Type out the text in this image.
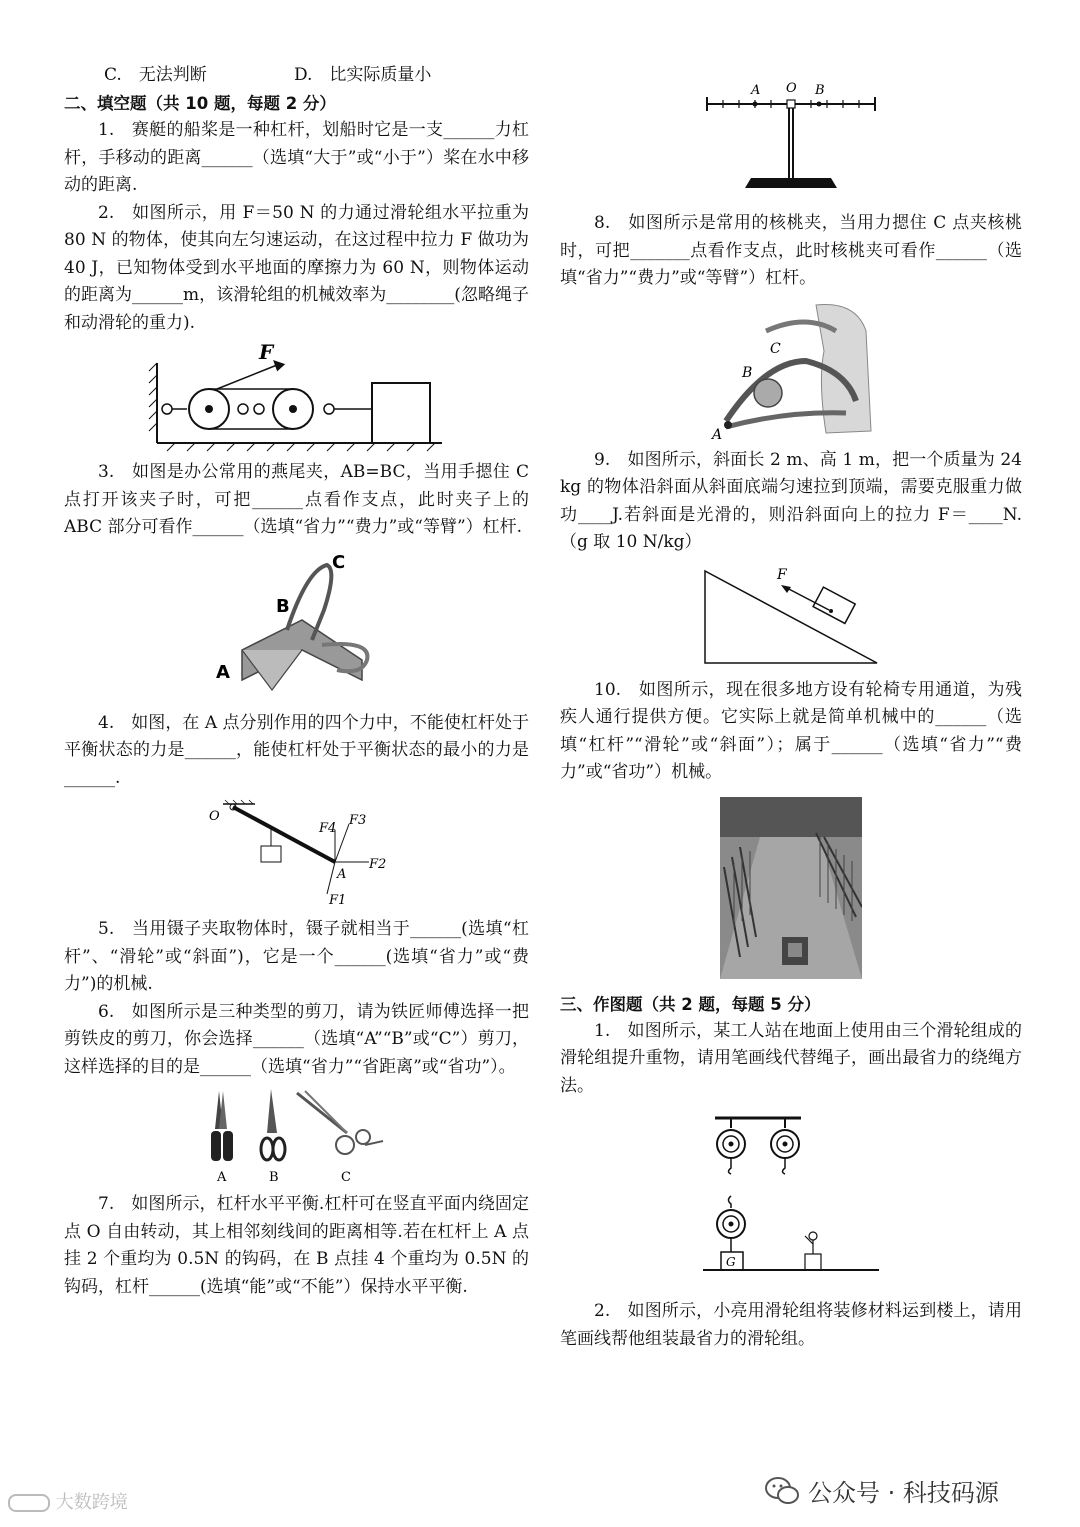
C.　无法判断	D.　比实际质量小

二、填空题（共 10 题，每题 2 分）

1.　赛艇的船桨是一种杠杆，划船时它是一支______力杠杆，手移动的距离______（选填“大于”或“小于”）桨在水中移动的距离.

2.　如图所示，用 F＝50 N 的力通过滑轮组水平拉重为 80 N 的物体，使其向左匀速运动，在这过程中拉力 F 做功为 40 J，已知物体受到水平地面的摩擦力为 60 N，则物体运动的距离为______m，该滑轮组的机械效率为________(忽略绳子和动滑轮的重力).

F

3.　如图是办公常用的燕尾夹，AB=BC，当用手摁住 C 点打开该夹子时，可把______点看作支点，此时夹子上的 ABC 部分可看作______（选填“省力”“费力”或“等臂”）杠杆.

C
B
A

4.　如图，在 A 点分别作用的四个力中，不能使杠杆处于平衡状态的力是______，能使杠杆处于平衡状态的最小的力是______.

O
F4
F3
F2
A
F1

5.　当用镊子夹取物体时，镊子就相当于______(选填“杠杆”、“滑轮”或“斜面”)，它是一个______(选填“省力”或“费力”)的机械.

6.　如图所示是三种类型的剪刀，请为铁匠师傅选择一把剪铁皮的剪刀，你会选择______（选填“A”“B”或“C”）剪刀，这样选择的目的是______（选填“省力”“省距离”或“省功”）。

A	B	C

7.　如图所示，杠杆水平平衡.杠杆可在竖直平面内绕固定点 O 自由转动，其上相邻刻线间的距离相等.若在杠杆上 A 点挂 2 个重均为 0.5N 的钩码，在 B 点挂 4 个重均为 0.5N 的钩码，杠杆______(选填“能”或“不能”）保持水平平衡.

A O B

8.　如图所示是常用的核桃夹，当用力摁住 C 点夹核桃时，可把_______点看作支点，此时核桃夹可看作______（选填“省力”“费力”或“等臂”）杠杆。

C
B
A

9.　如图所示，斜面长 2 m、高 1 m，把一个质量为 24 kg 的物体沿斜面从斜面底端匀速拉到顶端，需要克服重力做功____J.若斜面是光滑的，则沿斜面向上的拉力 F＝____N.（g 取 10 N/kg）

F

10.　如图所示，现在很多地方设有轮椅专用通道，为残疾人通行提供方便。它实际上就是简单机械中的______（选填“杠杆”“滑轮”或“斜面”）；属于______（选填“省力”“费力”或“省功”）机械。

三、作图题（共 2 题，每题 5 分）

1.　如图所示，某工人站在地面上使用由三个滑轮组成的滑轮组提升重物，请用笔画线代替绳子，画出最省力的绕绳方法。

G

2.　如图所示，小亮用滑轮组将装修材料运到楼上，请用笔画线帮他组装最省力的滑轮组。

公众号 · 科技码源
大数跨境
